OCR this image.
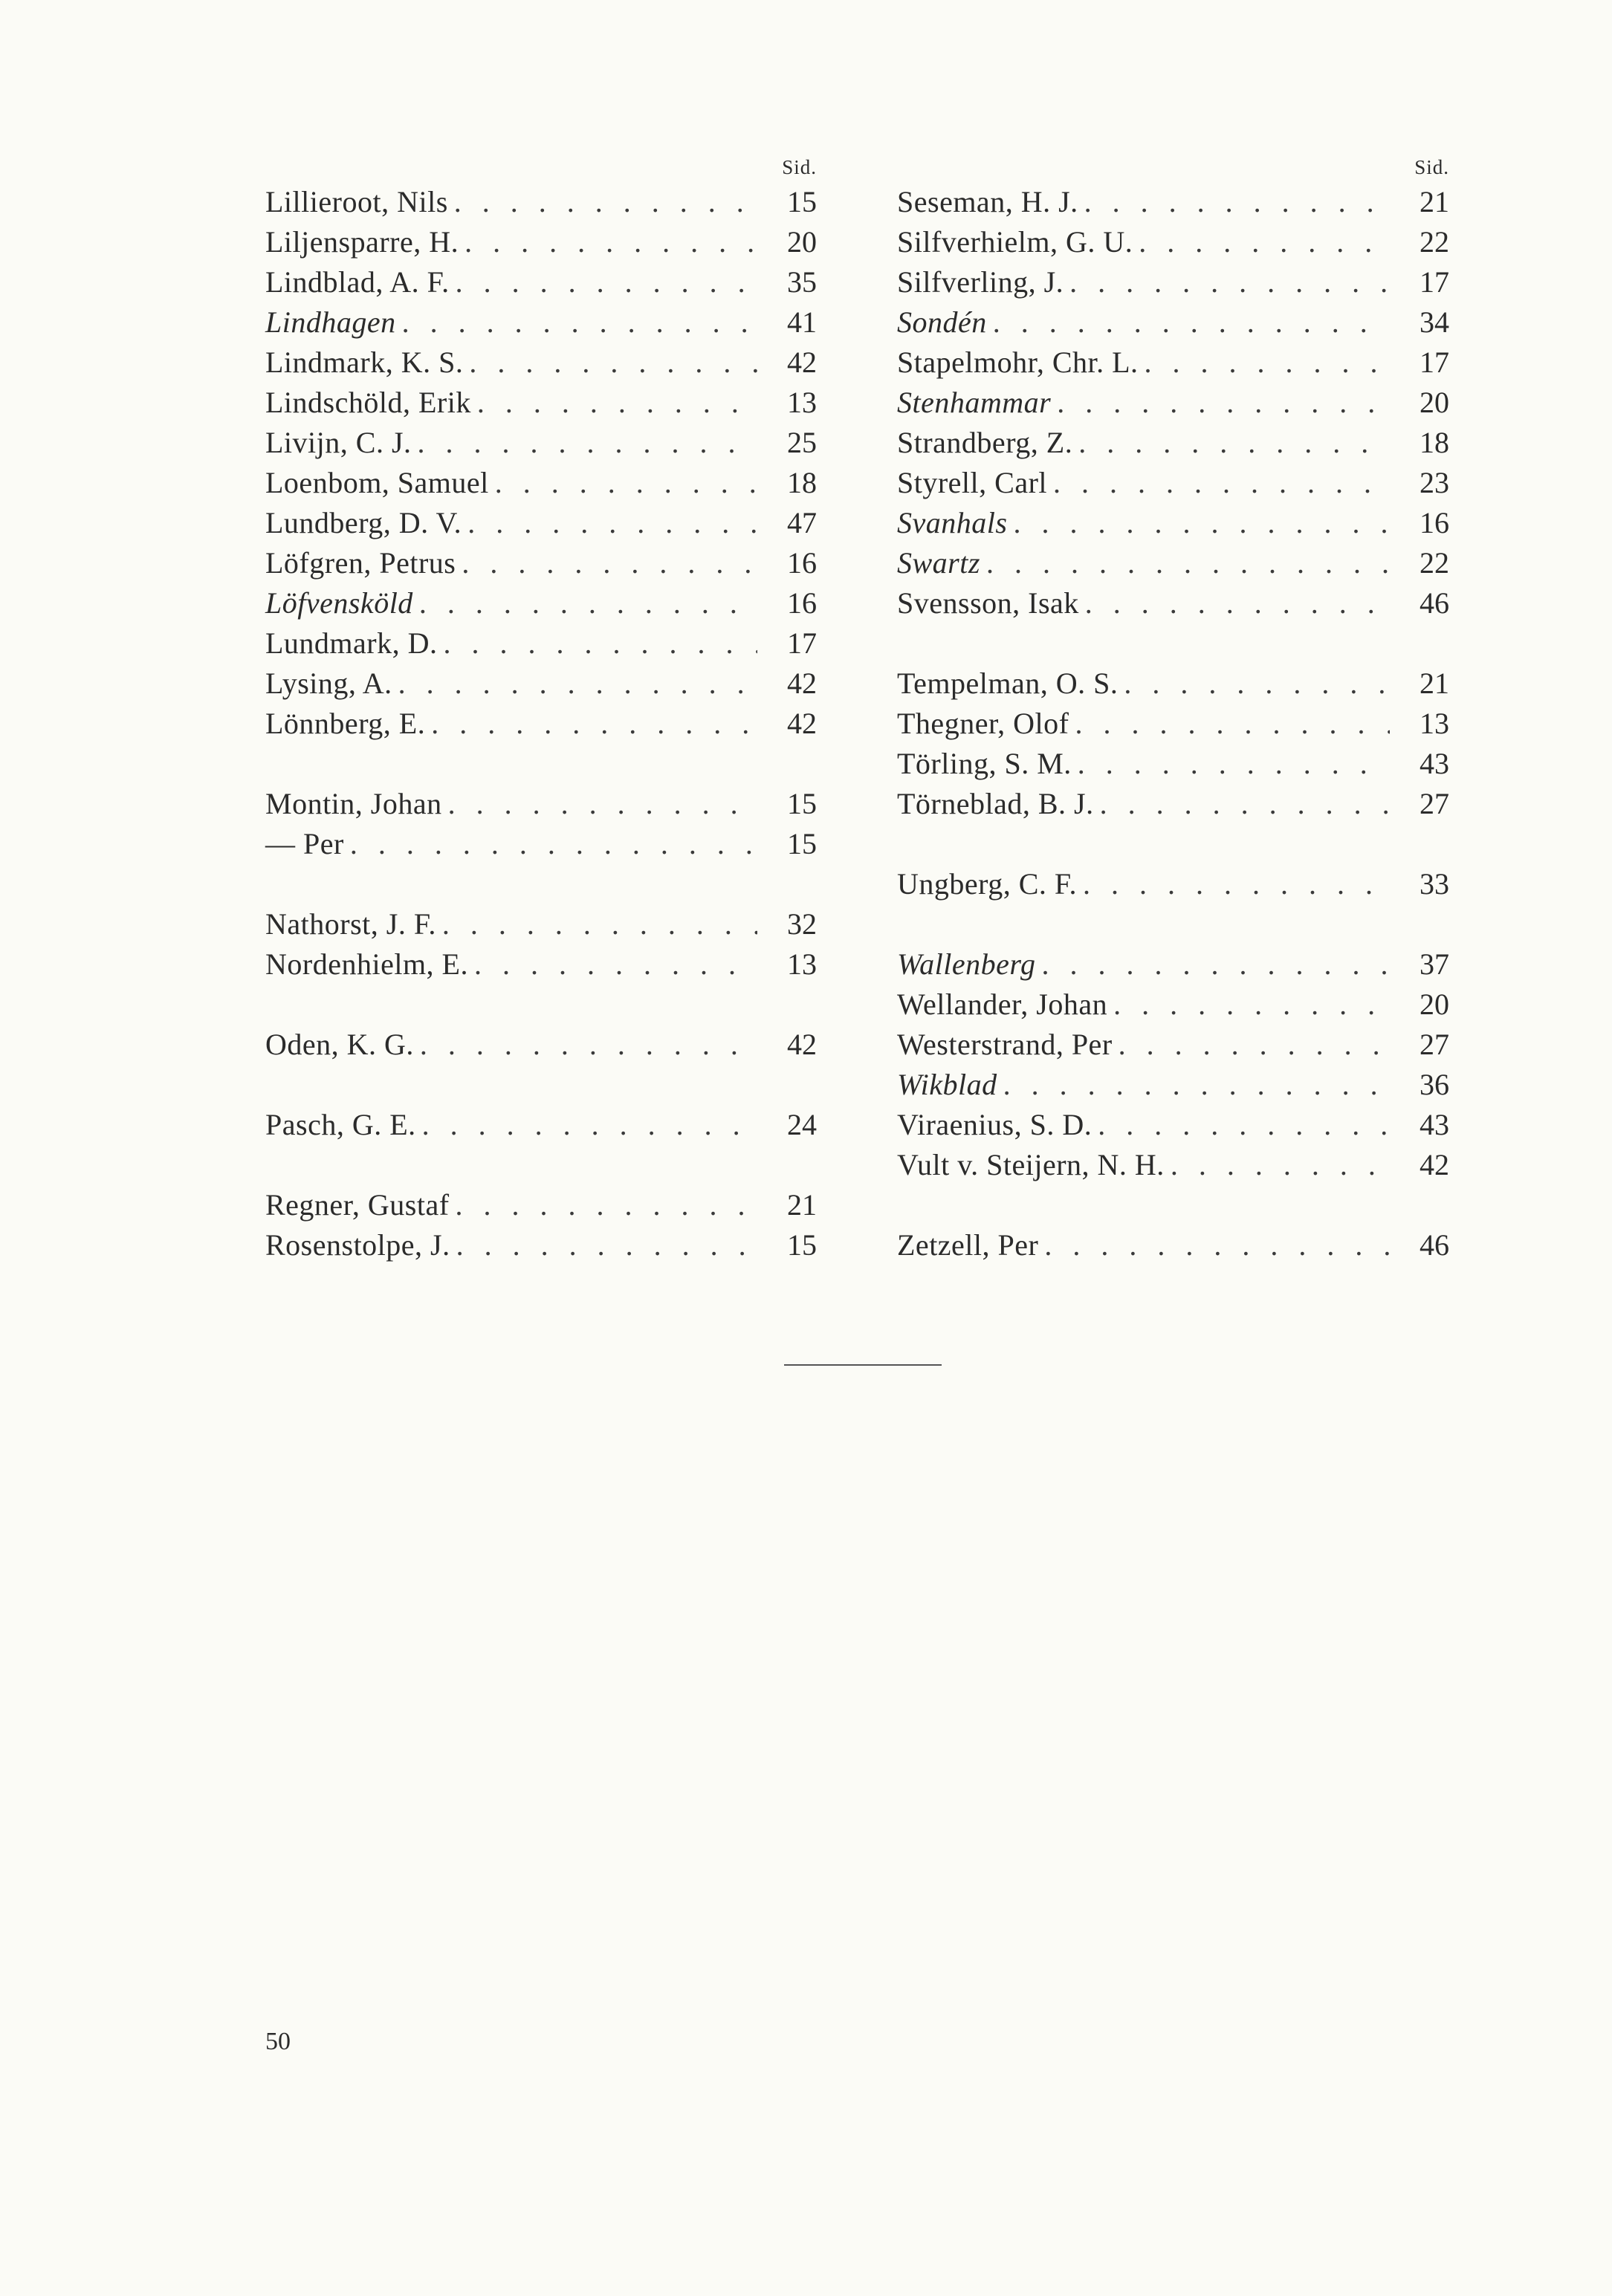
Sid.
Lillieroot, Nils . . .	15
Liljensparre, H. . . .	20
Lindblad, A. F. . . .	35
Lindhagen . . .	41
Lindmark, K. S. . . .	42
Lindschöld, Erik . . .	13
Livijn, C. J. . . .	25
Loenbom, Samuel . . .	18
Lundberg, D. V. . . .	47
Löfgren, Petrus . . .	16
Löfvensköld . . .	16
Lundmark, D. . . .	17
Lysing, A. . . .	42
Lönnberg, E. . . .	42
Montin, Johan . . .	15
— Per . . .	15
Nathorst, J. F. . . .	32
Nordenhielm, E. . . .	13
Oden, K. G. . . .	42
Pasch, G. E. . . .	24
Regner, Gustaf . . .	21
Rosenstolpe, J. . . .	15
Sid.
Seseman, H. J. . . .	21
Silfverhielm, G. U. . . .	22
Silfverling, J. . . .	17
Sondén . . .	34
Stapelmohr, Chr. L. . . .	17
Stenhammar . . .	20
Strandberg, Z. . . .	18
Styrell, Carl . . .	23
Svanhals . . .	16
Swartz . . .	22
Svensson, Isak . . .	46
Tempelman, O. S. . . .	21
Thegner, Olof . . .	13
Törling, S. M. . . .	43
Törneblad, B. J. . . .	27
Ungberg, C. F. . . .	33
Wallenberg . . .	37
Wellander, Johan . . .	20
Westerstrand, Per . . .	27
Wikblad . . .	36
Viraenius, S. D. . . .	43
Vult v. Steijern, N. H. . . .	42
Zetzell, Per . . .	46
50
